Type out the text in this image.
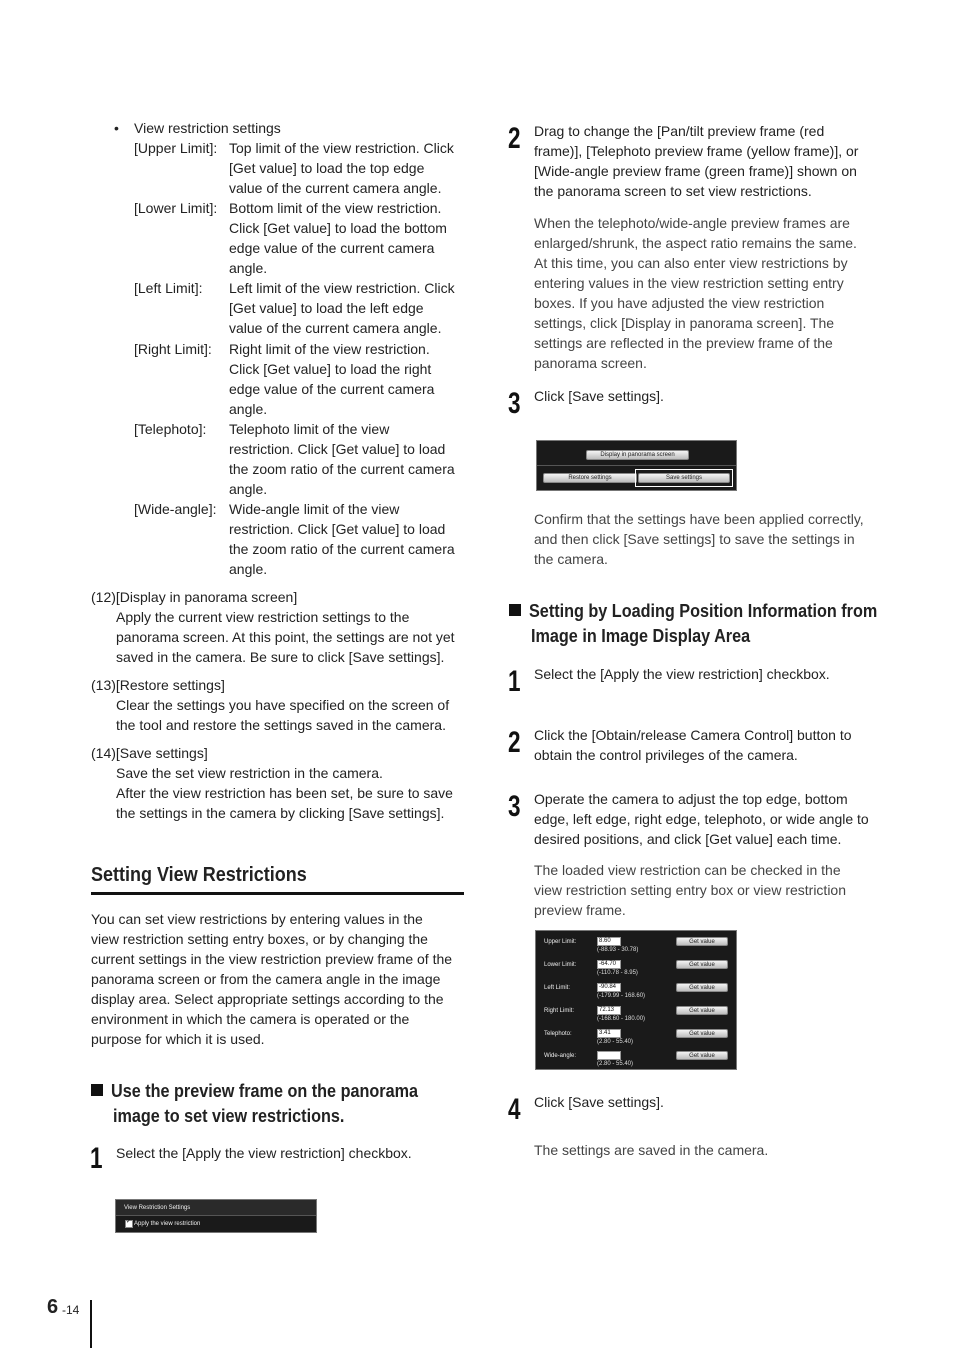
• View restriction settings
[Upper Limit]: Top limit of the view restriction. Click
[Get value] to load the top edge
value of the current camera angle.
[Lower Limit]: Bottom limit of the view restriction.
Click [Get value] to load the bottom
edge value of the current camera
angle.
[Left Limit]: Left limit of the view restriction. Click
[Get value] to load the left edge
value of the current camera angle.
[Right Limit]: Right limit of the view restriction.
Click [Get value] to load the right
edge value of the current camera
angle.
[Telephoto]: Telephoto limit of the view
restriction. Click [Get value] to load
the zoom ratio of the current camera
angle.
[Wide-angle]: Wide-angle limit of the view
restriction. Click [Get value] to load
the zoom ratio of the current camera
angle.
(12)[Display in panorama screen]
Apply the current view restriction settings to the
panorama screen. At this point, the settings are not yet
saved in the camera. Be sure to click [Save settings].
(13)[Restore settings]
Clear the settings you have specified on the screen of
the tool and restore the settings saved in the camera.
(14)[Save settings]
Save the set view restriction in the camera.
After the view restriction has been set, be sure to save
the settings in the camera by clicking [Save settings].
Setting View Restrictions
You can set view restrictions by entering values in the
view restriction setting entry boxes, or by changing the
current settings in the view restriction preview frame of the
panorama screen or from the camera angle in the image
display area. Select appropriate settings according to the
environment in which the camera is operated or the
purpose for which it is used.
Use the preview frame on the panorama
image to set view restrictions.
1 Select the [Apply the view restriction] checkbox.
View Restriction Settings
✓ Apply the view restriction
2 Drag to change the [Pan/tilt preview frame (red
frame)], [Telephoto preview frame (yellow frame)], or
[Wide-angle preview frame (green frame)] shown on
the panorama screen to set view restrictions.
When the telephoto/wide-angle preview frames are
enlarged/shrunk, the aspect ratio remains the same.
At this time, you can also enter view restrictions by
entering values in the view restriction setting entry
boxes. If you have adjusted the view restriction
settings, click [Display in panorama screen]. The
settings are reflected in the preview frame of the
panorama screen.
3 Click [Save settings].
Display in panorama screen
Restore settings	Save settings
Confirm that the settings have been applied correctly,
and then click [Save settings] to save the settings in
the camera.
Setting by Loading Position Information from
Image in Image Display Area
1 Select the [Apply the view restriction] checkbox.
2 Click the [Obtain/release Camera Control] button to
obtain the control privileges of the camera.
3 Operate the camera to adjust the top edge, bottom
edge, left edge, right edge, telephoto, or wide angle to
desired positions, and click [Get value] each time.
The loaded view restriction can be checked in the
view restriction setting entry box or view restriction
preview frame.
Upper Limit:	8.60
(-88.93 - 30.78)
Get value
Lower Limit:	-64.70
(-110.78 - 8.95)
Get value
Left Limit:	-90.84
(-179.99 - 168.60)
Get value
Right Limit:	72.13
(-168.60 - 180.00)
Get value
Telephoto:	3.41
(2.80 - 55.40)
Get value
Wide-angle:
(2.80 - 55.40)
Get value
4 Click [Save settings].
The settings are saved in the camera.
6 -14
